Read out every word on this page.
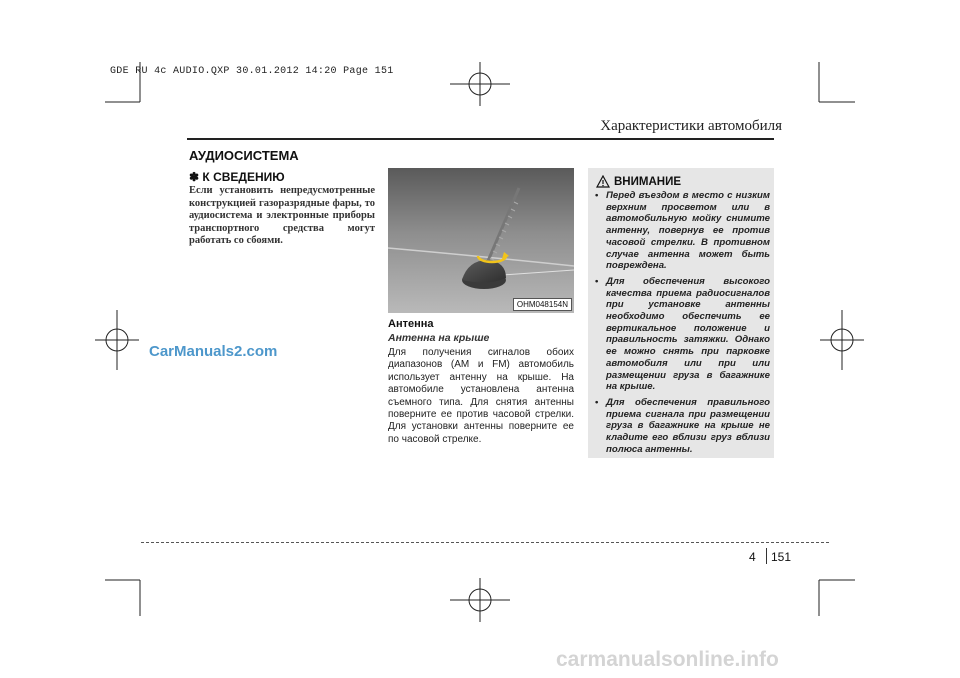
GDE RU 4c AUDIO.QXP 30.01.2012 14:20 Page 151
Характеристики автомобиля
АУДИОСИСТЕМА
✽ К СВЕДЕНИЮ
Если установить непредусмотренные конструкцией газоразрядные фары, то аудиосистема и электронные приборы транспортного средства могут работать со сбоями.
OHM048154N
Антенна
Антенна на крыше
Для получения сигналов обоих диапазонов (AM и FM) автомобиль использует антенну на крыше. На автомобиле установлена антенна съемного типа. Для снятия антенны поверните ее против часовой стрелки. Для установки антенны поверните ее по часовой стрелке.
CarManuals2.com
ВНИМАНИЕ
• Перед въездом в место с низким верхним просветом или в автомобильную мойку снимите антенну, повернув ее против часовой стрелки. В противном случае антенна может быть повреждена.
• Для обеспечения высокого качества приема радиосигналов при установке антенны необходимо обеспечить ее вертикальное положение и правильность затяжки. Однако ее можно снять при парковке автомобиля или при или размещении груза в багажнике на крыше.
• Для обеспечения правильного приема сигнала при размещении груза в багажнике на крыше не кладите его вблизи груз вблизи полюса антенны.
4 151
carmanualsonline.info
